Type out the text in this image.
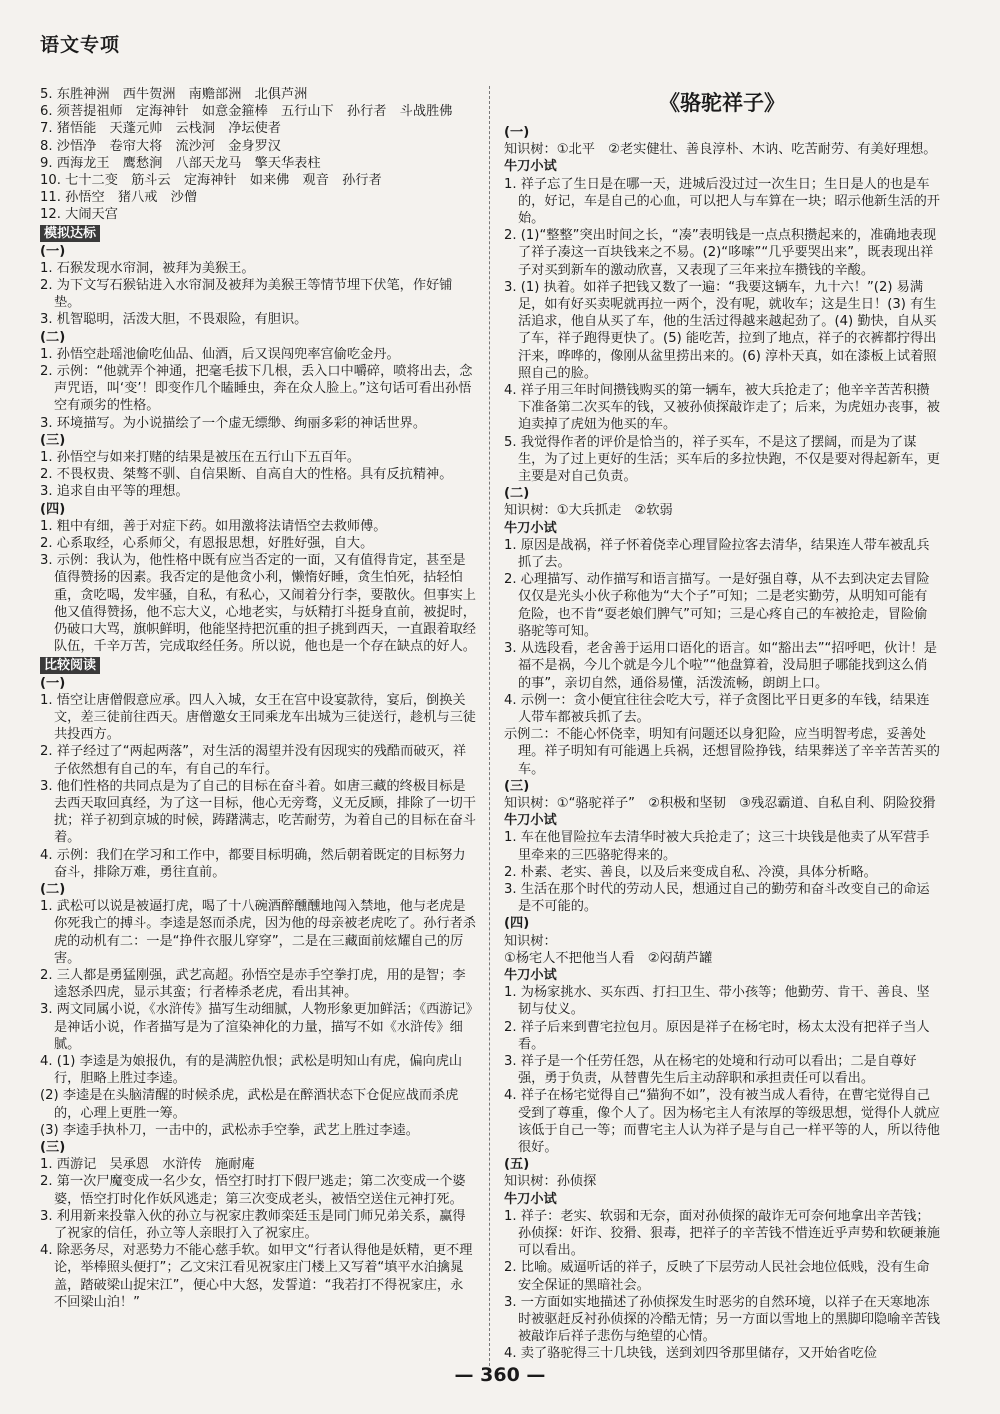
语文专项

5. 东胜神洲　西牛贺洲　南赡部洲　北俱芦洲

6. 须菩提祖师　定海神针　如意金箍棒　五行山下　孙行者　斗战胜佛

7. 猪悟能　天蓬元帅　云栈洞　净坛使者

8. 沙悟净　卷帘大将　流沙河　金身罗汉

9. 西海龙王　鹰愁涧　八部天龙马　擎天华表柱

10. 七十二变　筋斗云　定海神针　如来佛　观音　孙行者

11. 孙悟空　猪八戒　沙僧

12. 大闹天宫

模拟达标

(一)

1. 石猴发现水帘洞，被拜为美猴王。

2. 为下文写石猴钻进入水帘洞及被拜为美猴王等情节埋下伏笔，作好铺垫。

3. 机智聪明，活泼大胆，不畏艰险，有胆识。

(二)

1. 孙悟空赴瑶池偷吃仙品、仙酒，后又误闯兜率宫偷吃金丹。

2. 示例：“他就弄个神通，把毫毛拔下几根，丢入口中嚼碎，喷将出去，念声咒语，叫‘变’！即变作几个瞌睡虫，奔在众人脸上。”这句话可看出孙悟空有顽劣的性格。

3. 环境描写。为小说描绘了一个虚无缥缈、绚丽多彩的神话世界。

(三)

1. 孙悟空与如来打赌的结果是被压在五行山下五百年。

2. 不畏权贵、桀骜不驯、自信果断、自高自大的性格。具有反抗精神。

3. 追求自由平等的理想。

(四)

1. 粗中有细，善于对症下药。如用激将法请悟空去救师傅。

2. 心系取经，心系师父，有恩报思想，好胜好强，自大。

3. 示例：我认为，他性格中既有应当否定的一面，又有值得肯定，甚至是值得赞扬的因素。我否定的是他贪小利，懒惰好睡，贪生怕死，拈轻怕重，贪吃喝，发牢骚，自私，有私心，又闹着分行李，要散伙。但事实上他又值得赞扬，他不忘大义，心地老实，与妖精打斗挺身直前，被捉时，仍破口大骂，旗帜鲜明，他能坚持把沉重的担子挑到西天，一直跟着取经队伍，千辛万苦，完成取经任务。所以说，他也是一个存在缺点的好人。

比较阅读

(一)

1. 悟空让唐僧假意应承。四人入城，女王在宫中设宴款待，宴后，倒换关文，差三徒前往西天。唐僧邀女王同乘龙车出城为三徒送行，趁机与三徒共投西方。

2. 祥子经过了“两起两落”，对生活的渴望并没有因现实的残酷而破灭，祥子依然想有自己的车，有自己的车行。

3. 他们性格的共同点是为了自己的目标在奋斗着。如唐三藏的终极目标是去西天取回真经，为了这一目标，他心无旁骛，义无反顾，排除了一切干扰；祥子初到京城的时候，踌躇满志，吃苦耐劳，为着自己的目标在奋斗着。

4. 示例：我们在学习和工作中，都要目标明确，然后朝着既定的目标努力奋斗，排除万难，勇往直前。

(二)

1. 武松可以说是被逼打虎，喝了十八碗酒醉醺醺地闯入禁地，他与老虎是你死我亡的搏斗。李逵是怒而杀虎，因为他的母亲被老虎吃了。孙行者杀虎的动机有二：一是“挣件衣服儿穿穿”，二是在三藏面前炫耀自己的厉害。

2. 三人都是勇猛刚强，武艺高超。孙悟空是赤手空拳打虎，用的是智；李逵怒杀四虎，显示其蛮；行者棒杀老虎，看出其神。

3. 两文同属小说，《水浒传》描写生动细腻，人物形象更加鲜活；《西游记》是神话小说，作者描写是为了渲染神化的力量，描写不如《水浒传》细腻。

4. (1) 李逵是为娘报仇，有的是满腔仇恨；武松是明知山有虎，偏向虎山行，胆略上胜过李逵。

(2) 李逵是在头脑清醒的时候杀虎，武松是在醉酒状态下仓促应战而杀虎的，心理上更胜一筹。

(3) 李逵手执朴刀，一击中的，武松赤手空拳，武艺上胜过李逵。

(三)

1. 西游记　吴承恩　水浒传　施耐庵

2. 第一次尸魔变成一名少女，悟空打时打下假尸逃走；第二次变成一个婆婆，悟空打时化作妖风逃走；第三次变成老头，被悟空送住元神打死。

3. 利用新来投靠入伙的孙立与祝家庄教师栾廷玉是同门师兄弟关系，赢得了祝家的信任，孙立等人亲眼打入了祝家庄。

4. 除恶务尽，对恶势力不能心慈手软。如甲文“行者认得他是妖精，更不理论，举棒照头便打”；乙文宋江看见祝家庄门楼上又写着“填平水泊擒晁盖，踏破梁山捉宋江”，便心中大怒，发誓道：“我若打不得祝家庄，永不回梁山泊！”

《骆驼祥子》

(一)

知识树：①北平　②老实健壮、善良淳朴、木讷、吃苦耐劳、有美好理想。

牛刀小试

1. 祥子忘了生日是在哪一天，进城后没过过一次生日；生日是人的也是车的，好记，车是自己的心血，可以把人与车算在一块；昭示他新生活的开始。

2. (1)“整整”突出时间之长，“凑”表明钱是一点点积攒起来的，准确地表现了祥子凑这一百块钱来之不易。(2)“哆嗦”“几乎要哭出来”，既表现出祥子对买到新车的激动欣喜，又表现了三年来拉车攒钱的辛酸。

3. (1) 执着。如祥子把钱又数了一遍：“我要这辆车，九十六！”(2) 易满足，如有好买卖呢就再拉一两个，没有呢，就收车；这是生日！(3) 有生活追求，他自从买了车，他的生活过得越来越起劲了。(4) 勤快，自从买了车，祥子跑得更快了。(5) 能吃苦，拉到了地点，祥子的衣裤都拧得出汗来，哗哗的，像刚从盆里捞出来的。(6) 淳朴天真，如在漆板上试着照照自己的脸。

4. 祥子用三年时间攒钱购买的第一辆车，被大兵抢走了；他辛辛苦苦积攒下准备第二次买车的钱，又被孙侦探敲诈走了；后来，为虎妞办丧事，被迫卖掉了虎妞为他买的车。

5. 我觉得作者的评价是恰当的，祥子买车，不是这了摆阔，而是为了谋生，为了过上更好的生活；买车后的多拉快跑，不仅是要对得起新车，更主要是对自己负责。

(二)

知识树：①大兵抓走　②软弱

牛刀小试

1. 原因是战祸，祥子怀着侥幸心理冒险拉客去清华，结果连人带车被乱兵抓了去。

2. 心理描写、动作描写和语言描写。一是好强自尊，从不去到决定去冒险仅仅是光头小伙子称他为“大个子”可知；二是老实勤劳，从明知可能有危险，也不肯“耍老娘们脾气”可知；三是心疼自己的车被抢走，冒险偷骆驼等可知。

3. 从选段看，老舍善于运用口语化的语言。如“豁出去”“招呼吧，伙计！是福不是祸，今儿个就是今儿个啦”“他盘算着，没局胆子哪能找到这么俏的事”，亲切自然，通俗易懂，活泼流畅，朗朗上口。

4. 示例一：贪小便宜往往会吃大亏，祥子贪图比平日更多的车钱，结果连人带车都被兵抓了去。

示例二：不能心怀侥幸，明知有问题还以身犯险，应当明智考虑，妥善处理。祥子明知有可能遇上兵祸，还想冒险挣钱，结果葬送了辛辛苦苦买的车。

(三)

知识树：①“骆驼祥子”　②积极和坚韧　③残忍霸道、自私自利、阴险狡猾

牛刀小试

1. 车在他冒险拉车去清华时被大兵抢走了；这三十块钱是他卖了从军营手里牵来的三匹骆驼得来的。

2. 朴素、老实、善良，以及后来变成自私、冷漠，具体分析略。

3. 生活在那个时代的劳动人民，想通过自己的勤劳和奋斗改变自己的命运是不可能的。

(四)

知识树：

①杨宅人不把他当人看　②闷葫芦罐

牛刀小试

1. 为杨家挑水、买东西、打扫卫生、带小孩等；他勤劳、肯干、善良、坚韧与仗义。

2. 祥子后来到曹宅拉包月。原因是祥子在杨宅时，杨太太没有把祥子当人看。

3. 祥子是一个任劳任怨，从在杨宅的处境和行动可以看出；二是自尊好强，勇于负责，从替曹先生后主动辞职和承担责任可以看出。

4. 祥子在杨宅觉得自己“猫狗不如”，没有被当成人看待，在曹宅觉得自己受到了尊重，像个人了。因为杨宅主人有浓厚的等级思想，觉得仆人就应该低于自己一等；而曹宅主人认为祥子是与自己一样平等的人，所以待他很好。

(五)

知识树：孙侦探

牛刀小试

1. 祥子：老实、软弱和无奈，面对孙侦探的敲诈无可奈何地拿出辛苦钱；孙侦探：奸诈、狡猾、狠毒，把祥子的辛苦钱不惜连近乎声势和软硬兼施可以看出。

2. 比喻。威逼听话的祥子，反映了下层劳动人民社会地位低贱，没有生命安全保证的黑暗社会。

3. 一方面如实地描述了孙侦探发生时恶劣的自然环境，以祥子在天寒地冻时被驱赶反衬孙侦探的冷酷无情；另一方面以雪地上的黑脚印隐喻辛苦钱被敲诈后祥子悲伤与绝望的心情。

4. 卖了骆驼得三十几块钱，送到刘四爷那里储存，又开始省吃俭

— 360 —
